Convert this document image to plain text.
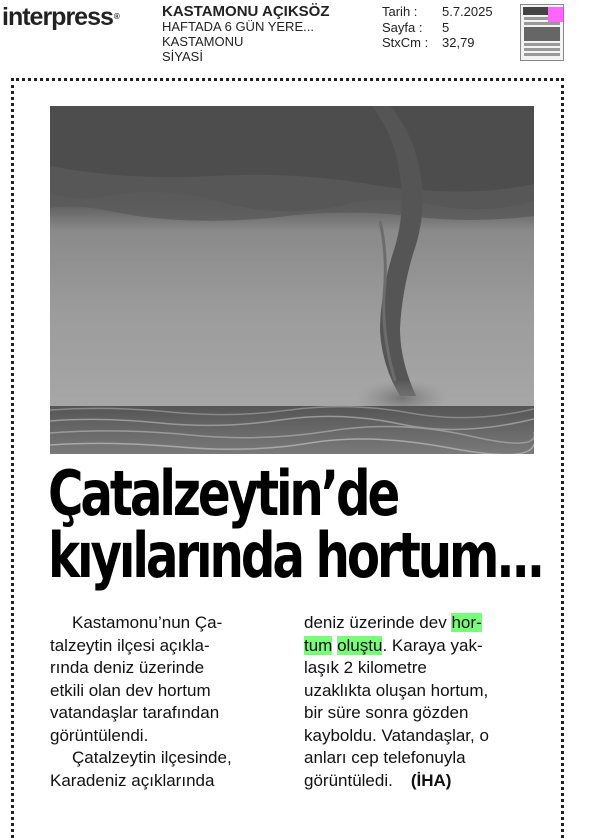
interpress®	KASTAMONU AÇIKSÖZ
HAFTADA 6 GÜN YERE...
KASTAMONU
SİYASİ
Tarih :	5.7.2025
Sayfa :	5
StxCm :	32,79
Çatalzeytin’de
kıyılarında hortum...

Kastamonu’nun Ça-

talzeytin ilçesi açıkla-

rında deniz üzerinde

etkili olan dev hortum

vatandaşlar tarafından

görüntülendi.

Çatalzeytin ilçesinde,

Karadeniz açıklarında

deniz üzerinde dev hor-

tum oluştu. Karaya yak-

laşık 2 kilometre

uzaklıkta oluşan hortum,

bir süre sonra gözden

kayboldu. Vatandaşlar, o

anları cep telefonuyla

görüntüledi. (İHA)
